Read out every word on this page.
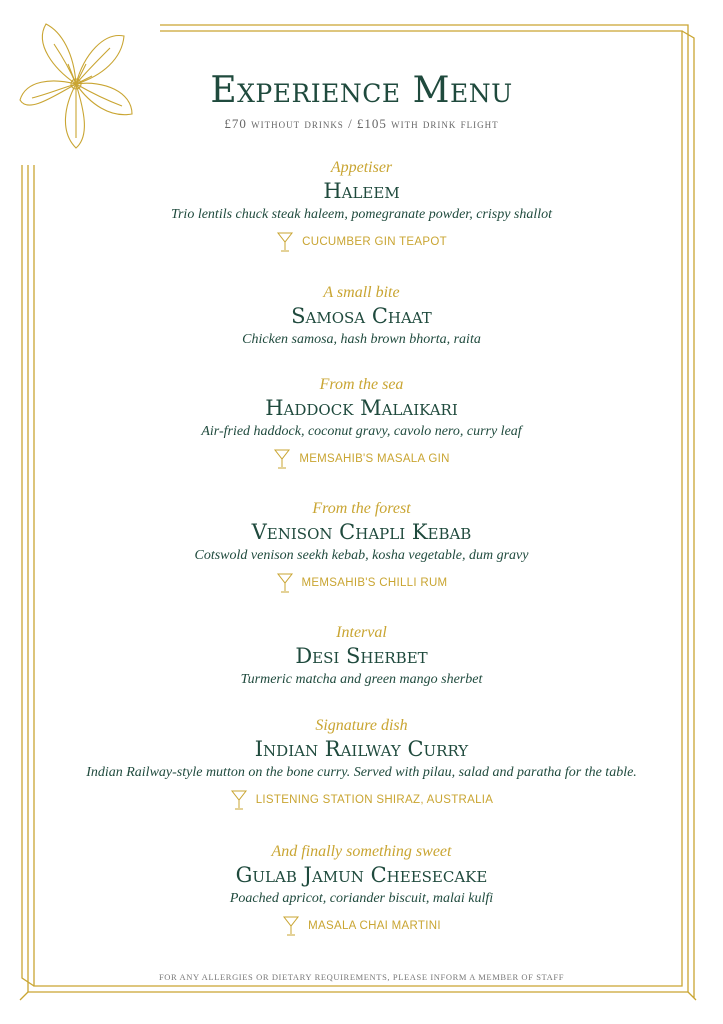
Experience Menu
£70 without drinks / £105 with drink flight
Appetiser
Haleem
Trio lentils chuck steak haleem, pomegranate powder, crispy shallot
CUCUMBER GIN TEAPOT
A small bite
Samosa Chaat
Chicken samosa, hash brown bhorta, raita
From the sea
Haddock Malaikari
Air-fried haddock, coconut gravy, cavolo nero, curry leaf
MEMSAHIB'S MASALA GIN
From the forest
Venison Chapli Kebab
Cotswold venison seekh kebab, kosha vegetable, dum gravy
MEMSAHIB'S CHILLI RUM
Interval
Desi Sherbet
Turmeric matcha and green mango sherbet
Signature dish
Indian Railway Curry
Indian Railway-style mutton on the bone curry. Served with pilau, salad and paratha for the table.
LISTENING STATION SHIRAZ, AUSTRALIA
And finally something sweet
Gulab Jamun Cheesecake
Poached apricot, coriander biscuit, malai kulfi
MASALA CHAI MARTINI
FOR ANY ALLERGIES OR DIETARY REQUIREMENTS, PLEASE INFORM A MEMBER OF STAFF
